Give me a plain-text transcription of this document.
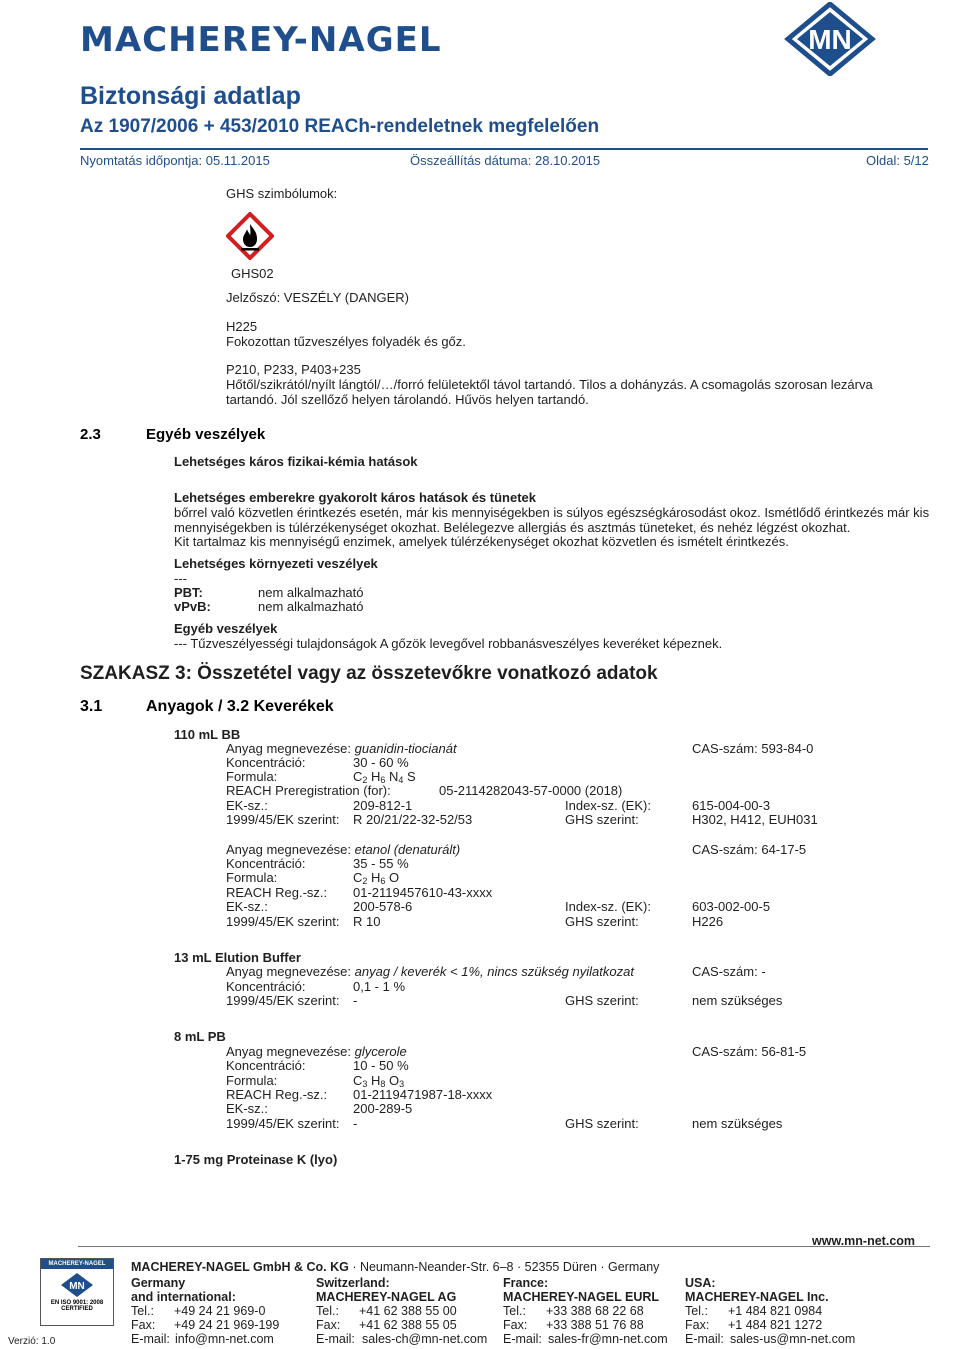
MACHEREY-NAGEL	MN
Biztonsági adatlap
Az 1907/2006 + 453/2010 REACh-rendeletnek megfelelően
Nyomtatás időpontja: 05.11.2015	Összeállítás dátuma: 28.10.2015	Oldal: 5/12
GHS szimbólumok:
GHS02
Jelzőszó: VESZÉLY (DANGER)
H225
Fokozottan tűzveszélyes folyadék és gőz.
P210, P233, P403+235
Hőtől/szikrától/nyílt lángtól/…/forró felületektől távol tartandó. Tilos a dohányzás. A csomagolás szorosan lezárva
tartandó. Jól szellőző helyen tárolandó. Hűvös helyen tartandó.
2.3	Egyéb veszélyek
Lehetséges káros fizikai-kémia hatások
Lehetséges emberekre gyakorolt káros hatások és tünetek
bőrrel való közvetlen érintkezés esetén, már kis mennyiségekben is súlyos egészségkárosodást okoz. Ismétlődő érintkezés már kis
mennyiségekben is túlérzékenységet okozhat. Belélegezve allergiás és asztmás tüneteket, és nehéz légzést okozhat.
Kit tartalmaz kis mennyiségű enzimek, amelyek túlérzékenységet okozhat közvetlen és ismételt érintkezés.
Lehetséges környezeti veszélyek
---
PBT:	nem alkalmazható
vPvB:	nem alkalmazható
Egyéb veszélyek
--- Tűzveszélyességi tulajdonságok A gőzök levegővel robbanásveszélyes keveréket képeznek.
SZAKASZ 3: Összetétel vagy az összetevőkre vonatkozó adatok
3.1	Anyagok / 3.2 Keverékek
110 mL BB
Anyag megnevezése: guanidin-tiocianát	CAS-szám: 593-84-0
Koncentráció:	30 - 60 %
Formula:	$C_2$ $H_6$ $N_4$ S
REACH Preregistration (for):	05-2114282043-57-0000 (2018)
EK-sz.:	209-812-1	Index-sz. (EK):	615-004-00-3
1999/45/EK szerint: R 20/21/22-32-52/53	GHS szerint:	H302, H412, EUH031
Anyag megnevezése: etanol (denaturált)	CAS-szám: 64-17-5
Koncentráció:	35 - 55 %
Formula:	$C_2$ $H_6$ O
REACH Reg.-sz.: 01-2119457610-43-xxxx
EK-sz.:	200-578-6	Index-sz. (EK):	603-002-00-5
1999/45/EK szerint: R 10	GHS szerint:	H226
13 mL Elution Buffer
Anyag megnevezése: anyag / keverék < 1%, nincs szükség nyilatkozat	CAS-szám: -
Koncentráció:	0,1 - 1 %
1999/45/EK szerint: -	GHS szerint:	nem szükséges
8 mL PB
Anyag megnevezése: glycerole	CAS-szám: 56-81-5
Koncentráció:	10 - 50 %
Formula:	$C_3$ $H_8$ $O_3$
REACH Reg.-sz.: 01-2119471987-18-xxxx
EK-sz.:	200-289-5
1999/45/EK szerint: -	GHS szerint:	nem szükséges
1-75 mg Proteinase K (lyo)
MACHEREY-NAGEL GmbH & Co. KG · Neumann-Neander-Str. 6–8 · 52355 Düren · Germany
www.mn-net.com
MACHEREY-NAGEL
MN
EN ISO 9001: 2008
CERTIFIED
Verzió: 1.0
Germany
and international:
Tel.: +49 24 21 969-0
Fax: +49 24 21 969-199
E-mail: info@mn-net.com
Switzerland:
MACHEREY-NAGEL AG
Tel.: +41 62 388 55 00
Fax: +41 62 388 55 05
E-mail: sales-ch@mn-net.com
France:
MACHEREY-NAGEL EURL
Tel.: +33 388 68 22 68
Fax: +33 388 51 76 88
E-mail: sales-fr@mn-net.com
USA:
MACHEREY-NAGEL Inc.
Tel.: +1 484 821 0984
Fax: +1 484 821 1272
E-mail: sales-us@mn-net.com
